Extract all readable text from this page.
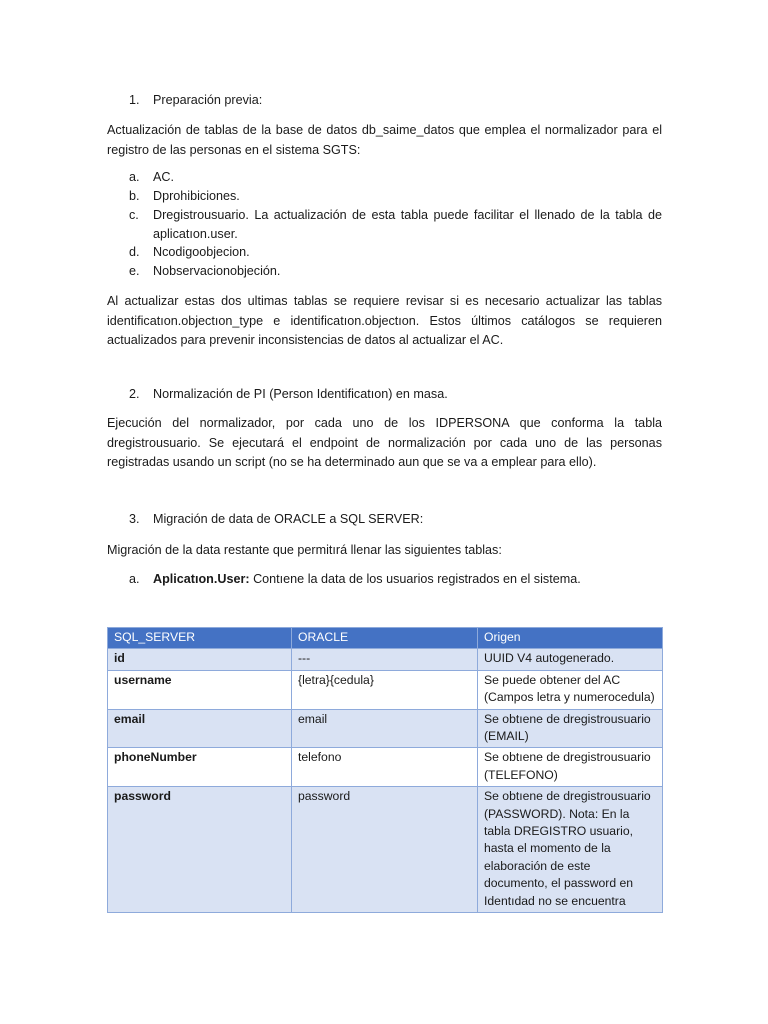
1. Preparación previa:
Actualización de tablas de la base de datos db_saime_datos que emplea el normalizador para el registro de las personas en el sistema SGTS:
a. AC.
b. Dprohibiciones.
c. Dregistrousuario. La actualización de esta tabla puede facilitar el llenado de la tabla de aplicatıon.user.
d. Ncodigoobjecion.
e. Nobservacionobjeción.
Al actualizar estas dos ultimas tablas se requiere revisar si es necesario actualizar las tablas identificatıon.objectıon_type e identificatıon.objectıon. Estos últimos catálogos se requieren actualizados para prevenir inconsistencias de datos al actualizar el AC.
2. Normalización de PI (Person Identificatıon) en masa.
Ejecución del normalizador, por cada uno de los IDPERSONA que conforma la tabla dregistrousuario. Se ejecutará el endpoint de normalización por cada uno de las personas registradas usando un script (no se ha determinado aun que se va a emplear para ello).
3. Migración de data de ORACLE a SQL SERVER:
Migración de la data restante que permitırá llenar las siguientes tablas:
a. Aplicatıon.User: Contıene la data de los usuarios registrados en el sistema.
SQL_SERVER	ORACLE	Origen
id	---	UUID V4 autogenerado.
username	{letra}{cedula}	Se puede obtener del AC (Campos letra y numerocedula)
email	email	Se obtıene de dregistrousuario (EMAIL)
phoneNumber	telefono	Se obtıene de dregistrousuario (TELEFONO)
password	password	Se obtıene de dregistrousuario (PASSWORD). Nota: En la tabla DREGISTRO usuario, hasta el momento de la elaboración de este documento, el password en Identıdad no se encuentra
